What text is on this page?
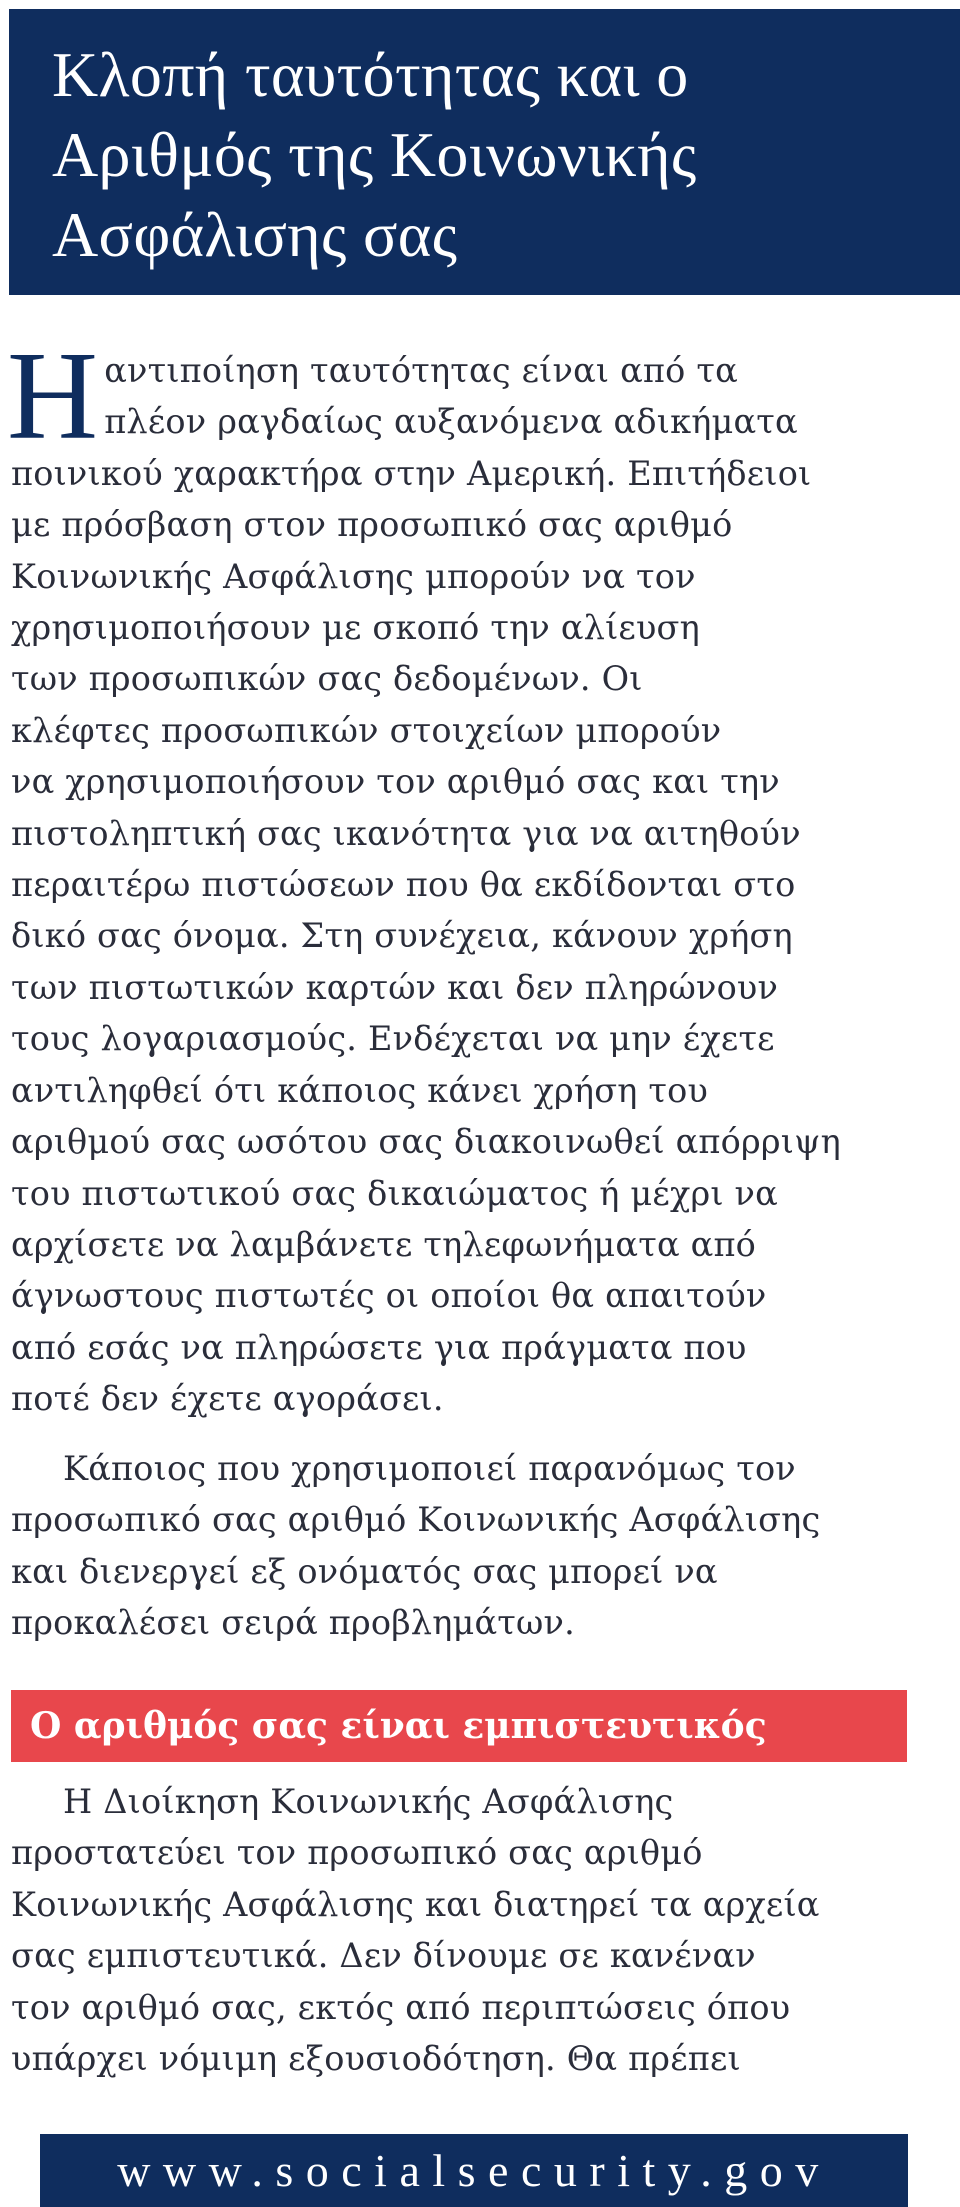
Κλοπή ταυτότητας και ο
Αριθμός της Κοινωνικής
Ασφάλισης σας
Η αντιποίηση ταυτότητας είναι από τα
πλέον ραγδαίως αυξανόμενα αδικήματα
ποινικού χαρακτήρα στην Αμερική. Επιτήδειοι
με πρόσβαση στον προσωπικό σας αριθμό
Κοινωνικής Ασφάλισης μπορούν να τον
χρησιμοποιήσουν με σκοπό την αλίευση
των προσωπικών σας δεδομένων. Οι
κλέφτες προσωπικών στοιχείων μπορούν
να χρησιμοποιήσουν τον αριθμό σας και την
πιστοληπτική σας ικανότητα για να αιτηθούν
περαιτέρω πιστώσεων που θα εκδίδονται στο
δικό σας όνομα. Στη συνέχεια, κάνουν χρήση
των πιστωτικών καρτών και δεν πληρώνουν
τους λογαριασμούς. Ενδέχεται να μην έχετε
αντιληφθεί ότι κάποιος κάνει χρήση του
αριθμού σας ωσότου σας διακοινωθεί απόρριψη
του πιστωτικού σας δικαιώματος ή μέχρι να
αρχίσετε να λαμβάνετε τηλεφωνήματα από
άγνωστους πιστωτές οι οποίοι θα απαιτούν
από εσάς να πληρώσετε για πράγματα που
ποτέ δεν έχετε αγοράσει.
Κάποιος που χρησιμοποιεί παρανόμως τον
προσωπικό σας αριθμό Κοινωνικής Ασφάλισης
και διενεργεί εξ ονόματός σας μπορεί να
προκαλέσει σειρά προβλημάτων.
Ο αριθμός σας είναι εμπιστευτικός
Η Διοίκηση Κοινωνικής Ασφάλισης
προστατεύει τον προσωπικό σας αριθμό
Κοινωνικής Ασφάλισης και διατηρεί τα αρχεία
σας εμπιστευτικά. Δεν δίνουμε σε κανέναν
τον αριθμό σας, εκτός από περιπτώσεις όπου
υπάρχει νόμιμη εξουσιοδότηση. Θα πρέπει
www.socialsecurity.gov
